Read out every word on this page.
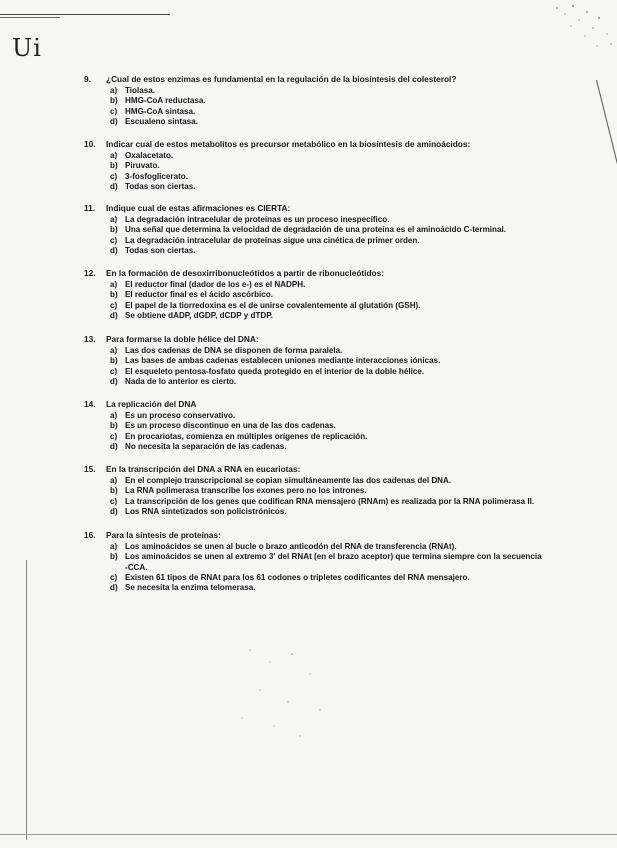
Ui
9.	¿Cual de estos enzimas es fundamental en la regulación de la biosíntesis del colesterol?
a) Tiolasa.
b) HMG-CoA reductasa.
c) HMG-CoA sintasa.
d) Escualeno sintasa.
10.	Indicar cual de estos metabolitos es precursor metabólico en la biosíntesis de aminoácidos:
a) Oxalacetato.
b) Piruvato.
c) 3-fosfoglicerato.
d) Todas son ciertas.
11.	Indique cual de estas afirmaciones es CIERTA:
a) La degradación intracelular de proteínas es un proceso inespecífico.
b) Una señal que determina la velocidad de degradación de una proteína es el aminoácido C-terminal.
c) La degradación intracelular de proteínas sigue una cinética de primer orden.
d) Todas son ciertas.
12.	En la formación de desoxirribonucleótidos a partir de ribonucleótidos:
a) El reductor final (dador de los e-) es el NADPH.
b) El reductor final es el ácido ascórbico.
c) El papel de la tiorredoxina es el de unirse covalentemente al glutatión (GSH).
d) Se obtiene dADP, dGDP, dCDP y dTDP.
13.	Para formarse la doble hélice del DNA:
a) Las dos cadenas de DNA se disponen de forma paralela.
b) Las bases de ambas cadenas establecen uniones mediante interacciones iónicas.
c) El esqueleto pentosa-fosfato queda protegido en el interior de la doble hélice.
d) Nada de lo anterior es cierto.
14.	La replicación del DNA
a) Es un proceso conservativo.
b) Es un proceso discontinuo en una de las dos cadenas.
c) En procariotas, comienza en múltiples orígenes de replicación.
d) No necesita la separación de las cadenas.
15.	En la transcripción del DNA a RNA en eucariotas:
a) En el complejo transcripcional se copian simultáneamente las dos cadenas del DNA.
b) La RNA polimerasa transcribe los exones pero no los intrones.
c) La transcripción de los genes que codifican RNA mensajero (RNAm) es realizada por la RNA polimerasa II.
d) Los RNA sintetizados son policistrónicos.
16.	Para la síntesis de proteínas:
a) Los aminoácidos se unen al bucle o brazo anticodón del RNA de transferencia (RNAt).
b) Los aminoácidos se unen al extremo 3' del RNAt (en el brazo aceptor) que termina siempre con la secuencia -CCA.
c) Existen 61 tipos de RNAt para los 61 codones o tripletes codificantes del RNA mensajero.
d) Se necesita la enzima telomerasa.
